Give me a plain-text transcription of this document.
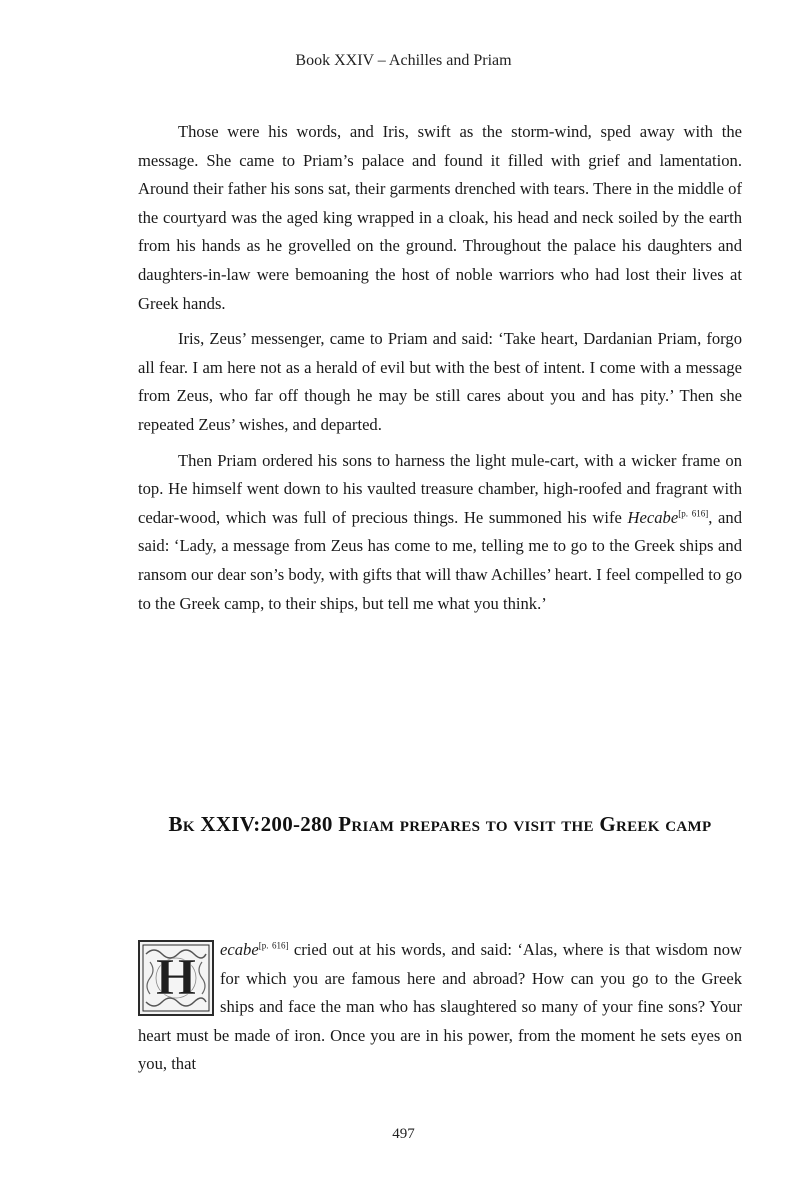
Book XXIV – Achilles and Priam

Those were his words, and Iris, swift as the storm-wind, sped away with the message. She came to Priam’s palace and found it filled with grief and lamentation. Around their father his sons sat, their garments drenched with tears. There in the middle of the courtyard was the aged king wrapped in a cloak, his head and neck soiled by the earth from his hands as he grovelled on the ground. Throughout the palace his daughters and daughters-in-law were bemoaning the host of noble warriors who had lost their lives at Greek hands.

Iris, Zeus’ messenger, came to Priam and said: ‘Take heart, Dardanian Priam, forgo all fear. I am here not as a herald of evil but with the best of intent. I come with a message from Zeus, who far off though he may be still cares about you and has pity.’ Then she repeated Zeus’ wishes, and departed.

Then Priam ordered his sons to harness the light mule-cart, with a wicker frame on top. He himself went down to his vaulted treasure chamber, high-roofed and fragrant with cedar-wood, which was full of precious things. He summoned his wife Hecabe[p. 616], and said: ‘Lady, a message from Zeus has come to me, telling me to go to the Greek ships and ransom our dear son’s body, with gifts that will thaw Achilles’ heart. I feel compelled to go to the Greek camp, to their ships, but tell me what you think.’

Bk XXIV:200-280 Priam prepares to visit the Greek camp

H ecabe[p. 616] cried out at his words, and said: ‘Alas, where is that wisdom now for which you are famous here and abroad? How can you go to the Greek ships and face the man who has slaughtered so many of your fine sons? Your heart must be made of iron. Once you are in his power, from the moment he sets eyes on you, that

497
